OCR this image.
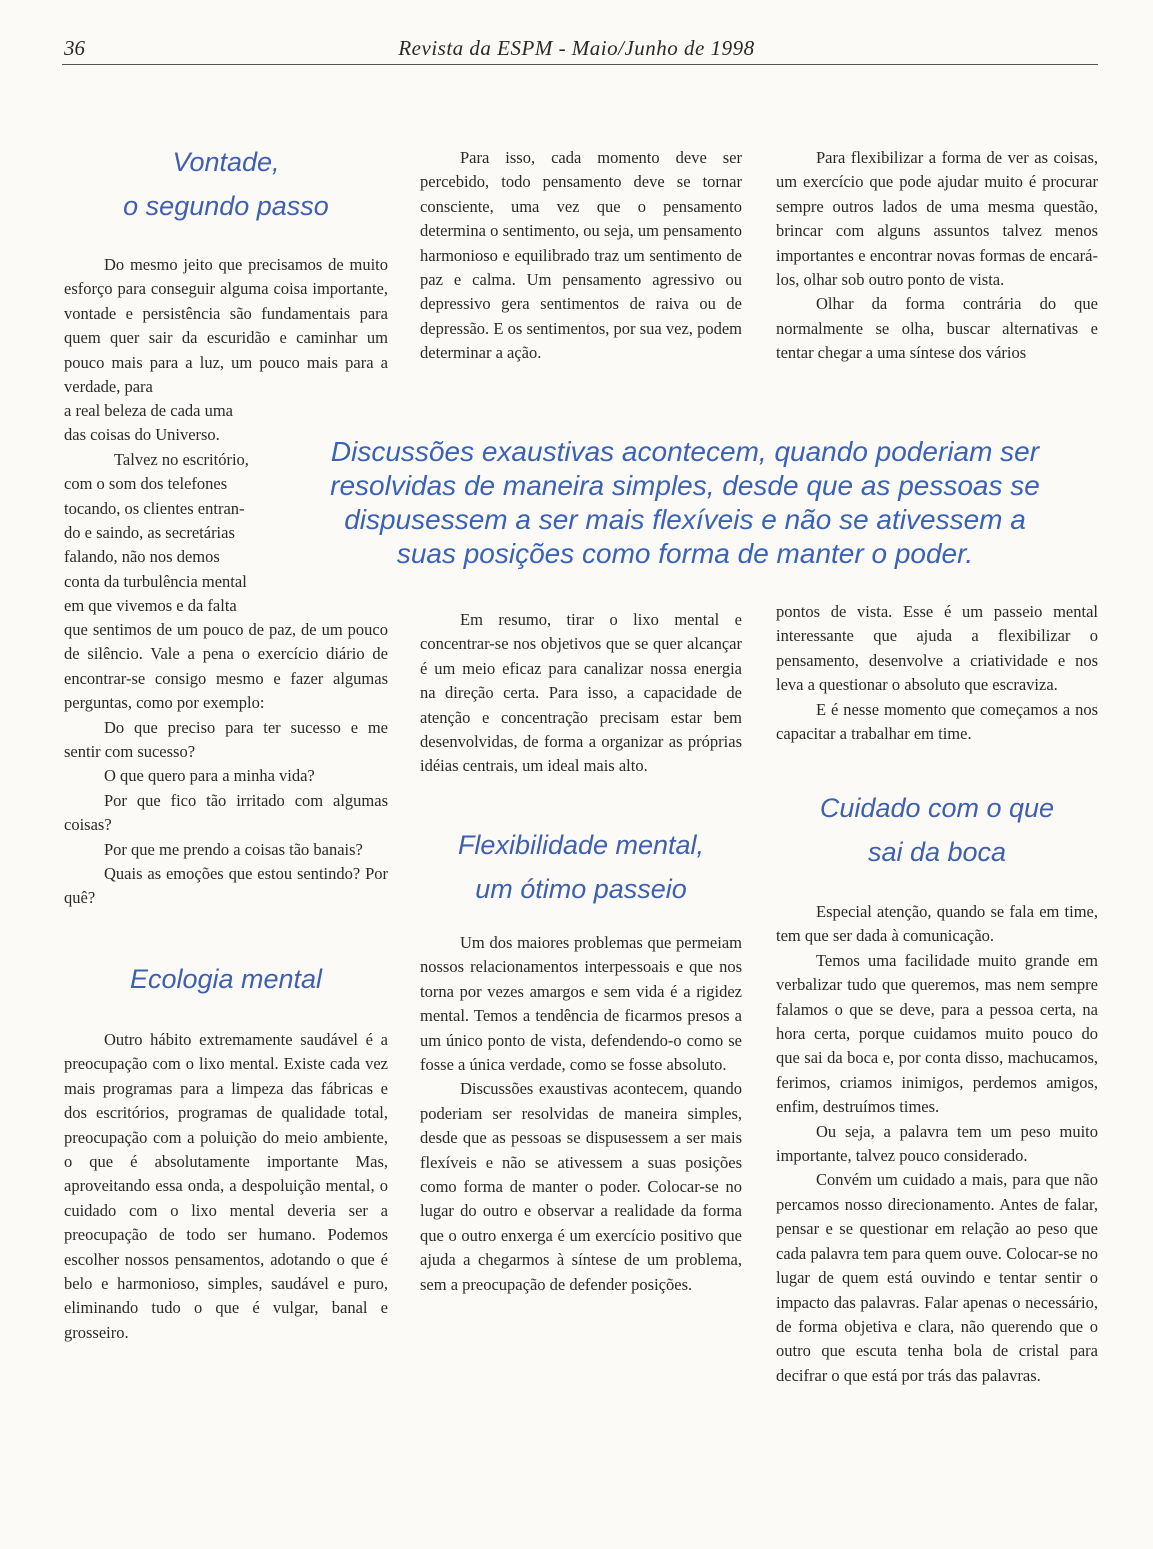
36	Revista da ESPM - Maio/Junho de 1998
Vontade,
o segundo passo

Do mesmo jeito que precisamos de muito esforço para conseguir alguma coisa importante, vontade e persistência são fundamentais para quem quer sair da escuridão e caminhar um pouco mais para a luz, um pouco mais para a verdade, para

a real beleza de cada uma

das coisas do Universo.

Talvez no escritório,

com o som dos telefones

tocando, os clientes entran-

do e saindo, as secretárias

falando, não nos demos

conta da turbulência mental

em que vivemos e da falta

que sentimos de um pouco de paz, de um pouco de silêncio. Vale a pena o exercício diário de encontrar-se consigo mesmo e fazer algumas perguntas, como por exemplo:

Do que preciso para ter sucesso e me sentir com sucesso?

O que quero para a minha vida?

Por que fico tão irritado com algumas coisas?

Por que me prendo a coisas tão banais?

Quais as emoções que estou sentindo? Por quê?

Ecologia mental

Outro hábito extremamente saudável é a preocupação com o lixo mental. Existe cada vez mais programas para a limpeza das fábricas e dos escritórios, programas de qualidade total, preocupação com a poluição do meio ambiente, o que é absolutamente importante Mas, aproveitando essa onda, a despoluição mental, o cuidado com o lixo mental deveria ser a preocupação de todo ser humano. Podemos escolher nossos pensamentos, adotando o que é belo e harmonioso, simples, saudável e puro, eliminando tudo o que é vulgar, banal e grosseiro.

Para isso, cada momento deve ser percebido, todo pensamento deve se tornar consciente, uma vez que o pensamento determina o sentimento, ou seja, um pensamento harmonioso e equilibrado traz um sentimento de paz e calma. Um pensamento agressivo ou depressivo gera sentimentos de raiva ou de depressão. E os sentimentos, por sua vez, podem determinar a ação.

Em resumo, tirar o lixo mental e concentrar-se nos objetivos que se quer alcançar é um meio eficaz para canalizar nossa energia na direção certa. Para isso, a capacidade de atenção e concentração precisam estar bem desenvolvidas, de forma a organizar as próprias idéias centrais, um ideal mais alto.

Flexibilidade mental,
um ótimo passeio

Um dos maiores problemas que permeiam nossos relacionamentos interpessoais e que nos torna por vezes amargos e sem vida é a rigidez mental. Temos a tendência de ficarmos presos a um único ponto de vista, defendendo-o como se fosse a única verdade, como se fosse absoluto.

Discussões exaustivas acontecem, quando poderiam ser resolvidas de maneira simples, desde que as pessoas se dispusessem a ser mais flexíveis e não se ativessem a suas posições como forma de manter o poder. Colocar-se no lugar do outro e observar a realidade da forma que o outro enxerga é um exercício positivo que ajuda a chegarmos à síntese de um problema, sem a preocupação de defender posições.

Para flexibilizar a forma de ver as coisas, um exercício que pode ajudar muito é procurar sempre outros lados de uma mesma questão, brincar com alguns assuntos talvez menos importantes e encontrar novas formas de encará-los, olhar sob outro ponto de vista.

Olhar da forma contrária do que normalmente se olha, buscar alternativas e tentar chegar a uma síntese dos vários

pontos de vista. Esse é um passeio mental interessante que ajuda a flexibilizar o pensamento, desenvolve a criatividade e nos leva a questionar o absoluto que escraviza.

E é nesse momento que começamos a nos capacitar a trabalhar em time.

Cuidado com o que
sai da boca

Especial atenção, quando se fala em time, tem que ser dada à comunicação.

Temos uma facilidade muito grande em verbalizar tudo que queremos, mas nem sempre falamos o que se deve, para a pessoa certa, na hora certa, porque cuidamos muito pouco do que sai da boca e, por conta disso, machucamos, ferimos, criamos inimigos, perdemos amigos, enfim, destruímos times.

Ou seja, a palavra tem um peso muito importante, talvez pouco considerado.

Convém um cuidado a mais, para que não percamos nosso direcionamento. Antes de falar, pensar e se questionar em relação ao peso que cada palavra tem para quem ouve. Colocar-se no lugar de quem está ouvindo e tentar sentir o impacto das palavras. Falar apenas o necessário, de forma objetiva e clara, não querendo que o outro que escuta tenha bola de cristal para decifrar o que está por trás das palavras.

Discussões exaustivas acontecem, quando poderiam ser
resolvidas de maneira simples, desde que as pessoas se
dispusessem a ser mais flexíveis e não se ativessem a
suas posições como forma de manter o poder.
